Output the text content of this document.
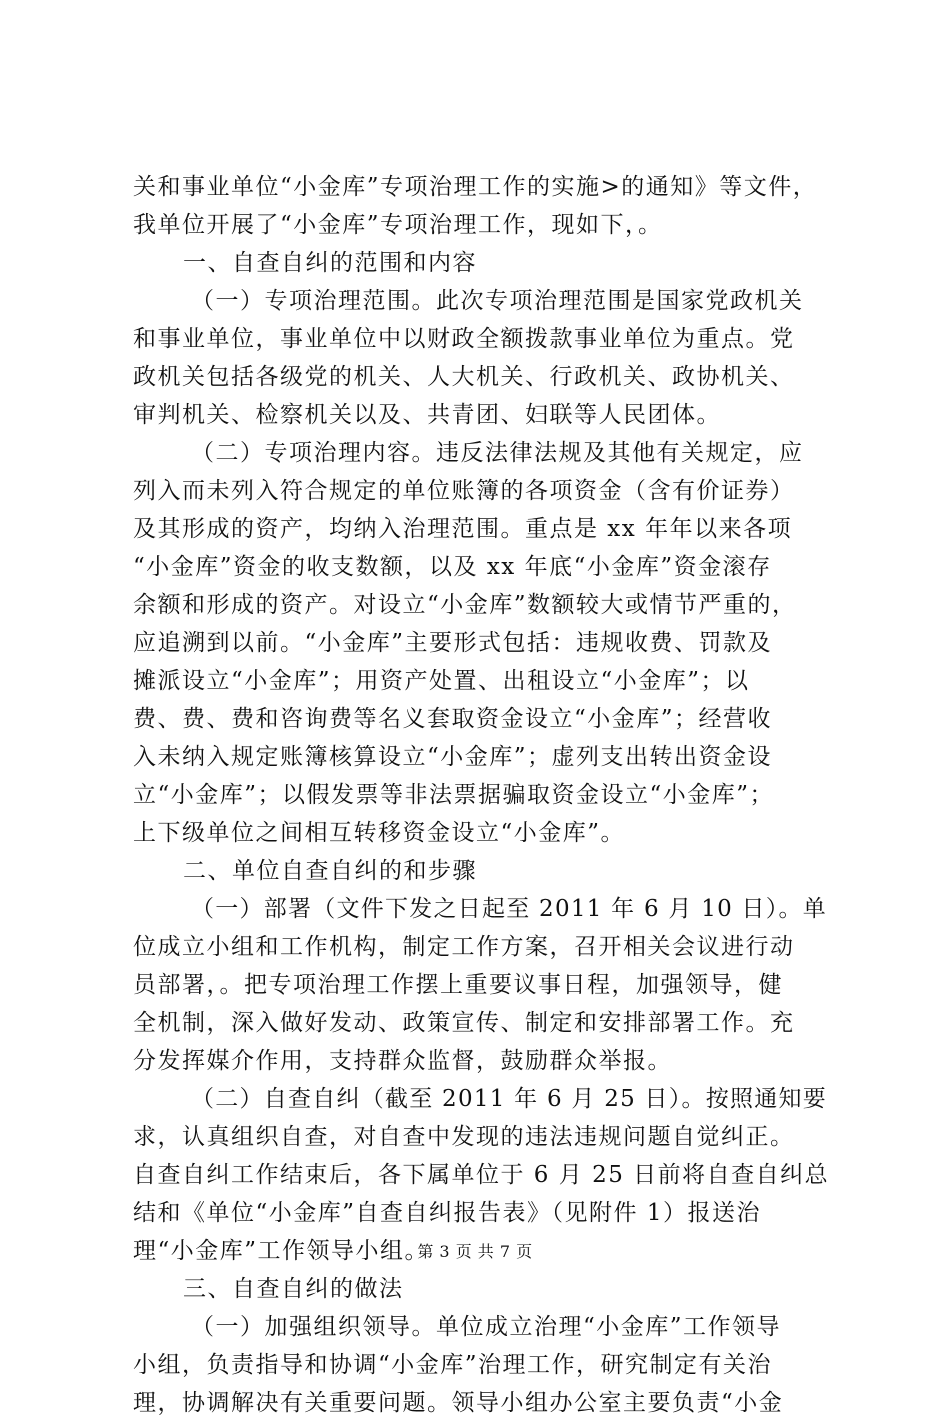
关和事业单位“小金库”专项治理工作的实施>的通知》等文件，
我单位开展了“小金库”专项治理工作，现如下，。
一、自查自纠的范围和内容
（一）专项治理范围。此次专项治理范围是国家党政机关
和事业单位，事业单位中以财政全额拨款事业单位为重点。党
政机关包括各级党的机关、人大机关、行政机关、政协机关、
审判机关、检察机关以及、共青团、妇联等人民团体。
（二）专项治理内容。违反法律法规及其他有关规定，应
列入而未列入符合规定的单位账簿的各项资金（含有价证券）
及其形成的资产，均纳入治理范围。重点是 xx 年年以来各项
“小金库”资金的收支数额，以及 xx 年底“小金库”资金滚存
余额和形成的资产。对设立“小金库”数额较大或情节严重的，
应追溯到以前。“小金库”主要形式包括：违规收费、罚款及
摊派设立“小金库”；用资产处置、出租设立“小金库”；以
费、费、费和咨询费等名义套取资金设立“小金库”；经营收
入未纳入规定账簿核算设立“小金库”；虚列支出转出资金设
立“小金库”；以假发票等非法票据骗取资金设立“小金库”；
上下级单位之间相互转移资金设立“小金库”。
二、单位自查自纠的和步骤
（一）部署（文件下发之日起至 2011 年 6 月 10 日）。单
位成立小组和工作机构，制定工作方案，召开相关会议进行动
员部署，。把专项治理工作摆上重要议事日程，加强领导，健
全机制，深入做好发动、政策宣传、制定和安排部署工作。充
分发挥媒介作用，支持群众监督，鼓励群众举报。
（二）自查自纠（截至 2011 年 6 月 25 日）。按照通知要
求，认真组织自查，对自查中发现的违法违规问题自觉纠正。
自查自纠工作结束后，各下属单位于 6 月 25 日前将自查自纠总
结和《单位“小金库”自查自纠报告表》（见附件 1）报送治
理“小金库”工作领导小组。
三、自查自纠的做法
（一）加强组织领导。单位成立治理“小金库”工作领导
小组，负责指导和协调“小金库”治理工作，研究制定有关治
理，协调解决有关重要问题。领导小组办公室主要负责“小金
第 3 页 共 7 页
